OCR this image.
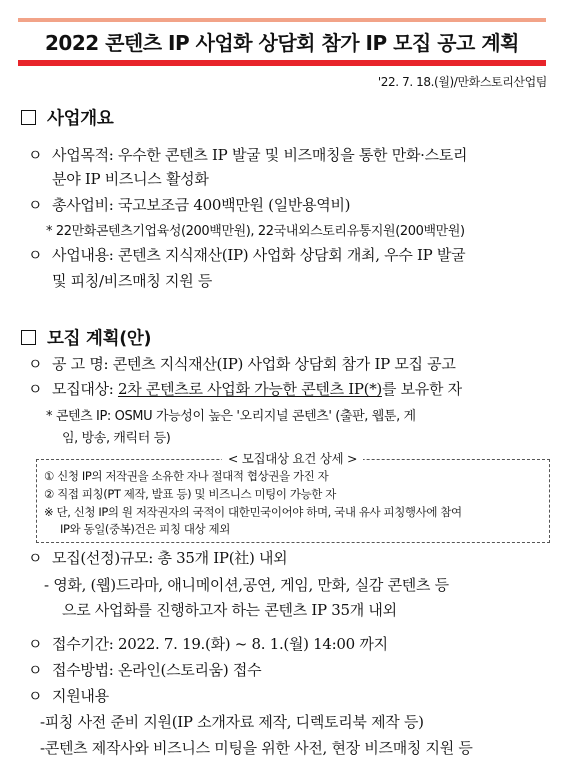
2022 콘텐츠 IP 사업화 상담회 참가 IP 모집 공고 계획
'22. 7. 18.(월)/만화스토리산업팀
사업개요
ㅇ 사업목적: 우수한 콘텐츠 IP 발굴 및 비즈매칭을 통한 만화·스토리
분야 IP 비즈니스 활성화
ㅇ 총사업비: 국고보조금 400백만원 (일반용역비)
* 22만화콘텐츠기업육성(200백만원), 22국내외스토리유통지원(200백만원)
ㅇ 사업내용: 콘텐츠 지식재산(IP) 사업화 상담회 개최, 우수 IP 발굴
및 피칭/비즈매칭 지원 등
모집 계획(안)
ㅇ 공 고 명: 콘텐츠 지식재산(IP) 사업화 상담회 참가 IP 모집 공고
ㅇ 모집대상: 2차 콘텐츠로 사업화 가능한 콘텐츠 IP(*)를 보유한 자
* 콘텐츠 IP: OSMU 가능성이 높은 '오리지널 콘텐츠' (출판, 웹툰, 게
임, 방송, 캐릭터 등)
< 모집대상 요건 상세 >
① 신청 IP의 저작권을 소유한 자나 절대적 협상권을 가진 자
② 직접 피칭(PT 제작, 발표 등) 및 비즈니스 미팅이 가능한 자
※ 단, 신청 IP의 원 저작권자의 국적이 대한민국이어야 하며, 국내 유사 피칭행사에 참여
IP와 동일(중복)건은 피칭 대상 제외
ㅇ 모집(선정)규모: 총 35개 IP(社) 내외
- 영화, (웹)드라마, 애니메이션,공연, 게임, 만화, 실감 콘텐츠 등
으로 사업화를 진행하고자 하는 콘텐츠 IP 35개 내외
ㅇ 접수기간: 2022. 7. 19.(화) ~ 8. 1.(월) 14:00 까지
ㅇ 접수방법: 온라인(스토리움) 접수
ㅇ 지원내용
-피칭 사전 준비 지원(IP 소개자료 제작, 디렉토리북 제작 등)
-콘텐츠 제작사와 비즈니스 미팅을 위한 사전, 현장 비즈매칭 지원 등
